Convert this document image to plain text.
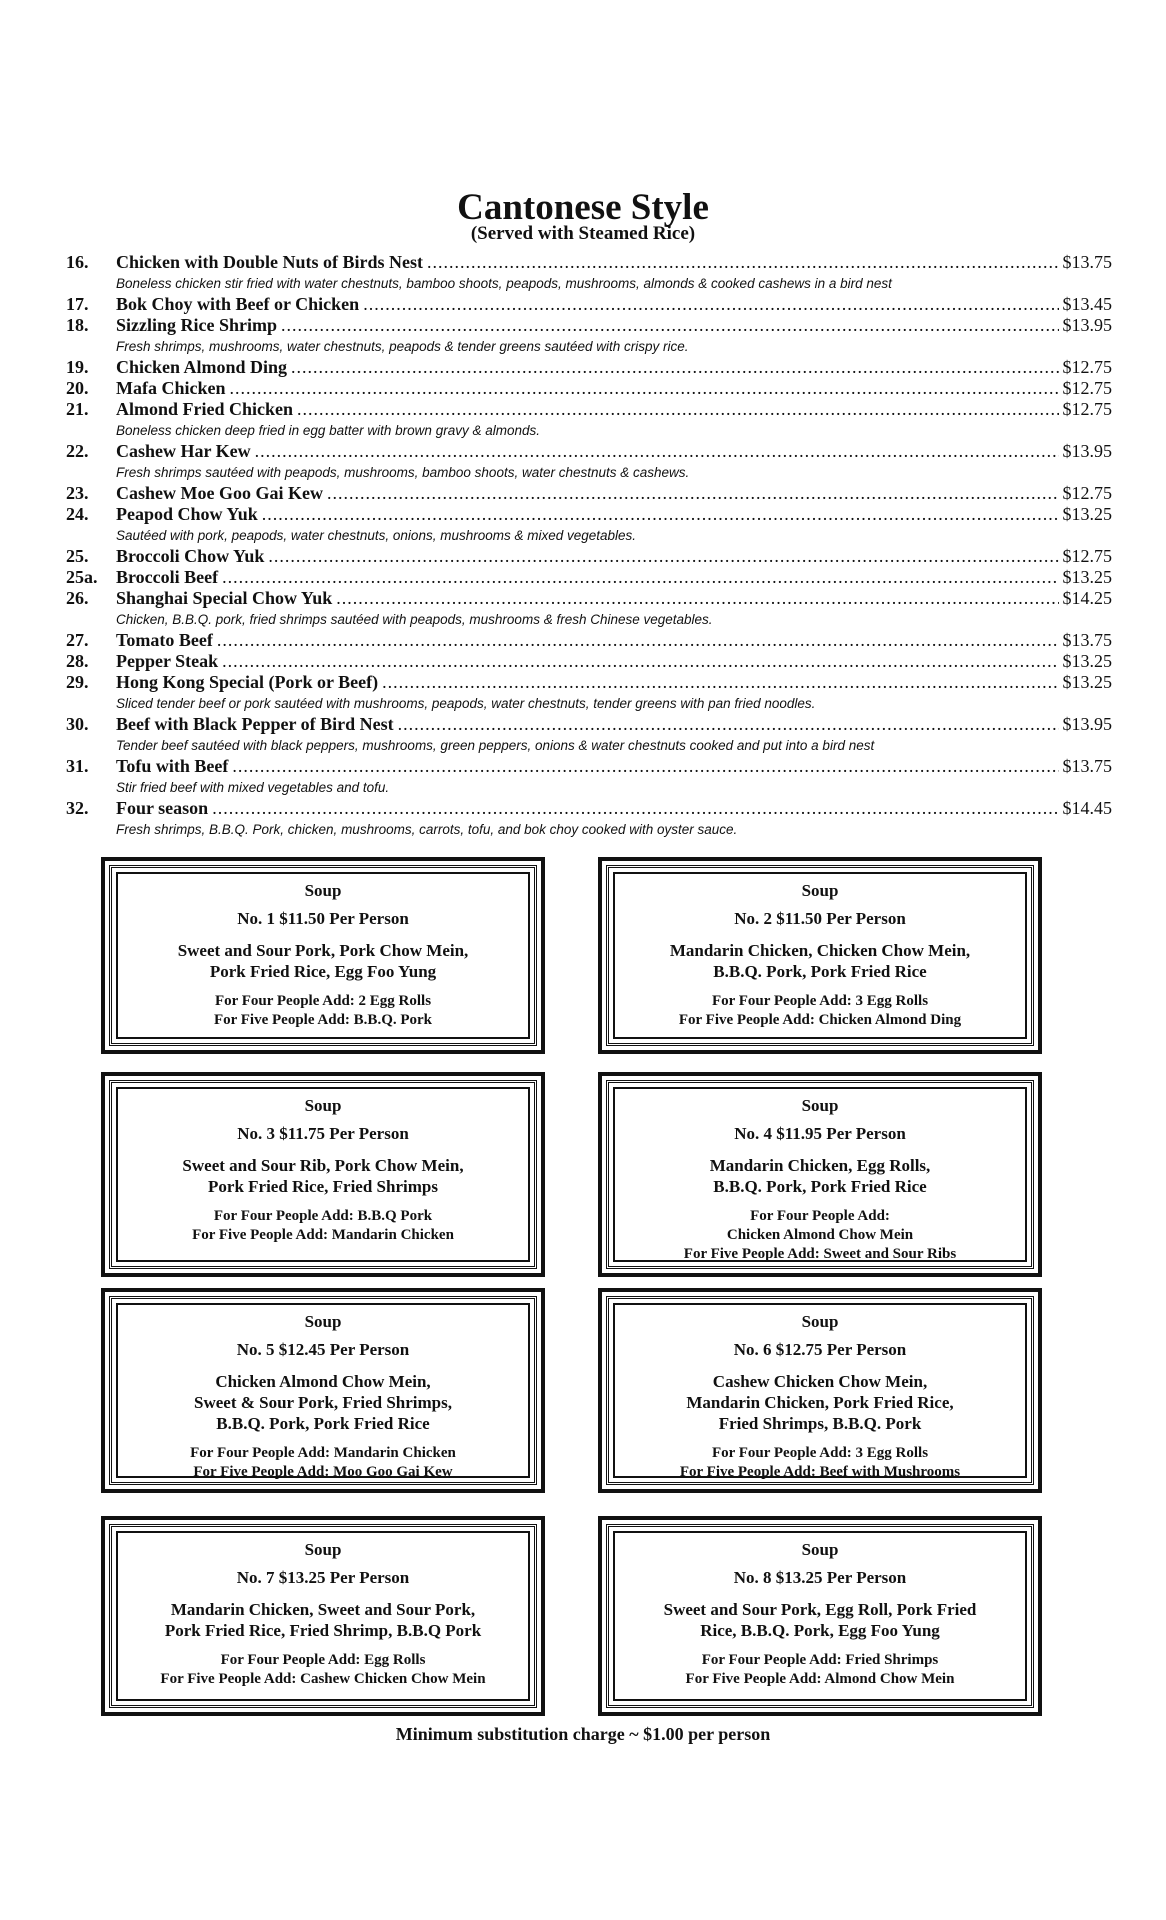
Cantonese Style
(Served with Steamed Rice)
16.	Chicken with Double Nuts of Birds Nest .....	$13.75
Boneless chicken stir fried with water chestnuts, bamboo shoots, peapods, mushrooms, almonds & cooked cashews in a bird nest
17.	Bok Choy with Beef or Chicken .....	$13.45
18.	Sizzling Rice Shrimp .....	$13.95
Fresh shrimps, mushrooms, water chestnuts, peapods & tender greens sautéed with crispy rice.
19.	Chicken Almond Ding .....	$12.75
20.	Mafa Chicken .....	$12.75
21.	Almond Fried Chicken .....	$12.75
Boneless chicken deep fried in egg batter with brown gravy & almonds.
22.	Cashew Har Kew .....	$13.95
Fresh shrimps sautéed with peapods, mushrooms, bamboo shoots, water chestnuts & cashews.
23.	Cashew Moe Goo Gai Kew .....	$12.75
24.	Peapod Chow Yuk .....	$13.25
Sautéed with pork, peapods, water chestnuts, onions, mushrooms & mixed vegetables.
25.	Broccoli Chow Yuk .....	$12.75
25a.	Broccoli Beef .....	$13.25
26.	Shanghai Special Chow Yuk .....	$14.25
Chicken, B.B.Q. pork, fried shrimps sautéed with peapods, mushrooms & fresh Chinese vegetables.
27.	Tomato Beef .....	$13.75
28.	Pepper Steak .....	$13.25
29.	Hong Kong Special (Pork or Beef) .....	$13.25
Sliced tender beef or pork sautéed with mushrooms, peapods, water chestnuts, tender greens with pan fried noodles.
30.	Beef with Black Pepper of Bird Nest .....	$13.95
Tender beef sautéed with black peppers, mushrooms, green peppers, onions & water chestnuts cooked and put into a bird nest
31.	Tofu with Beef .....	$13.75
Stir fried beef with mixed vegetables and tofu.
32.	Four season .....	$14.45
Fresh shrimps, B.B.Q. Pork, chicken, mushrooms, carrots, tofu, and bok choy cooked with oyster sauce.
Soup
No. 1 $11.50 Per Person
Sweet and Sour Pork, Pork Chow Mein,
Pork Fried Rice, Egg Foo Yung
For Four People Add: 2 Egg Rolls
For Five People Add: B.B.Q. Pork
Soup
No. 2 $11.50 Per Person
Mandarin Chicken, Chicken Chow Mein,
B.B.Q. Pork, Pork Fried Rice
For Four People Add: 3 Egg Rolls
For Five People Add: Chicken Almond Ding
Soup
No. 3 $11.75 Per Person
Sweet and Sour Rib, Pork Chow Mein,
Pork Fried Rice, Fried Shrimps
For Four People Add: B.B.Q Pork
For Five People Add: Mandarin Chicken
Soup
No. 4 $11.95 Per Person
Mandarin Chicken, Egg Rolls,
B.B.Q. Pork, Pork Fried Rice
For Four People Add:
Chicken Almond Chow Mein
For Five People Add: Sweet and Sour Ribs
Soup
No. 5 $12.45 Per Person
Chicken Almond Chow Mein,
Sweet & Sour Pork, Fried Shrimps,
B.B.Q. Pork, Pork Fried Rice
For Four People Add: Mandarin Chicken
For Five People Add: Moo Goo Gai Kew
Soup
No. 6 $12.75 Per Person
Cashew Chicken Chow Mein,
Mandarin Chicken, Pork Fried Rice,
Fried Shrimps, B.B.Q. Pork
For Four People Add: 3 Egg Rolls
For Five People Add: Beef with Mushrooms
Soup
No. 7 $13.25 Per Person
Mandarin Chicken, Sweet and Sour Pork,
Pork Fried Rice, Fried Shrimp, B.B.Q Pork
For Four People Add: Egg Rolls
For Five People Add: Cashew Chicken Chow Mein
Soup
No. 8 $13.25 Per Person
Sweet and Sour Pork, Egg Roll, Pork Fried
Rice, B.B.Q. Pork, Egg Foo Yung
For Four People Add: Fried Shrimps
For Five People Add: Almond Chow Mein
Minimum substitution charge ~ $1.00 per person
